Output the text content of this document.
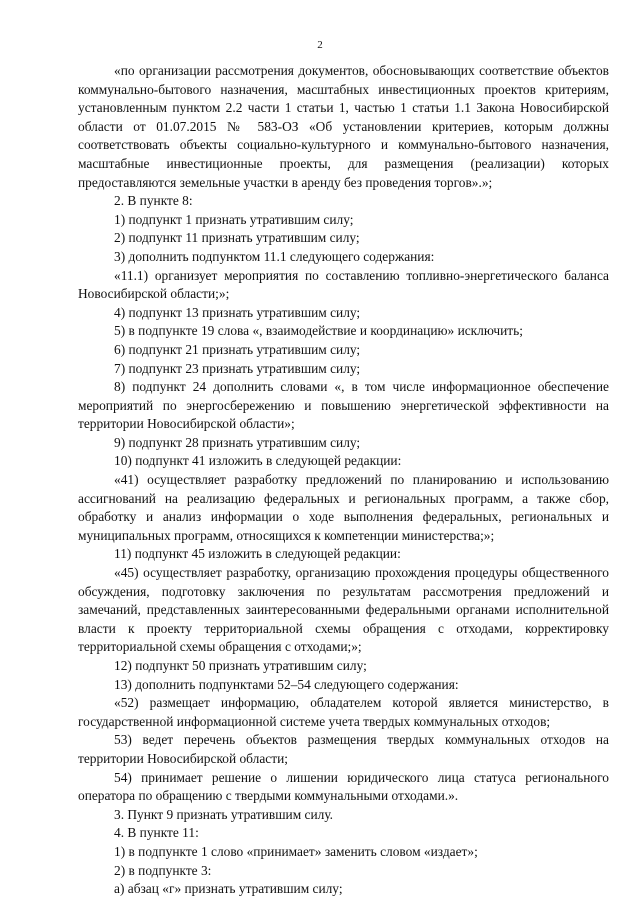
2

«по организации рассмотрения документов, обосновывающих соответствие объектов коммунально-бытового назначения, масштабных инвестиционных проектов критериям, установленным пунктом 2.2 части 1 статьи 1, частью 1 статьи 1.1 Закона Новосибирской области от 01.07.2015 № 583-ОЗ «Об установлении критериев, которым должны соответствовать объекты социально-культурного и коммунально-бытового назначения, масштабные инвестиционные проекты, для размещения (реализации) которых предоставляются земельные участки в аренду без проведения торгов».»;

2. В пункте 8:

1) подпункт 1 признать утратившим силу;

2) подпункт 11 признать утратившим силу;

3) дополнить подпунктом 11.1 следующего содержания:

«11.1) организует мероприятия по составлению топливно-энергетического баланса Новосибирской области;»;

4) подпункт 13 признать утратившим силу;

5) в подпункте 19 слова «, взаимодействие и координацию» исключить;

6) подпункт 21 признать утратившим силу;

7) подпункт 23 признать утратившим силу;

8) подпункт 24 дополнить словами «, в том числе информационное обеспечение мероприятий по энергосбережению и повышению энергетической эффективности на территории Новосибирской области»;

9) подпункт 28 признать утратившим силу;

10) подпункт 41 изложить в следующей редакции:

«41) осуществляет разработку предложений по планированию и использованию ассигнований на реализацию федеральных и региональных программ, а также сбор, обработку и анализ информации о ходе выполнения федеральных, региональных и муниципальных программ, относящихся к компетенции министерства;»;

11) подпункт 45 изложить в следующей редакции:

«45) осуществляет разработку, организацию прохождения процедуры общественного обсуждения, подготовку заключения по результатам рассмотрения предложений и замечаний, представленных заинтересованными федеральными органами исполнительной власти к проекту территориальной схемы обращения с отходами, корректировку территориальной схемы обращения с отходами;»;

12) подпункт 50 признать утратившим силу;

13) дополнить подпунктами 52–54 следующего содержания:

«52) размещает информацию, обладателем которой является министерство, в государственной информационной системе учета твердых коммунальных отходов;

53) ведет перечень объектов размещения твердых коммунальных отходов на территории Новосибирской области;

54) принимает решение о лишении юридического лица статуса регионального оператора по обращению с твердыми коммунальными отходами.».

3. Пункт 9 признать утратившим силу.

4. В пункте 11:

1) в подпункте 1 слово «принимает» заменить словом «издает»;

2) в подпункте 3:

а) абзац «г» признать утратившим силу;
